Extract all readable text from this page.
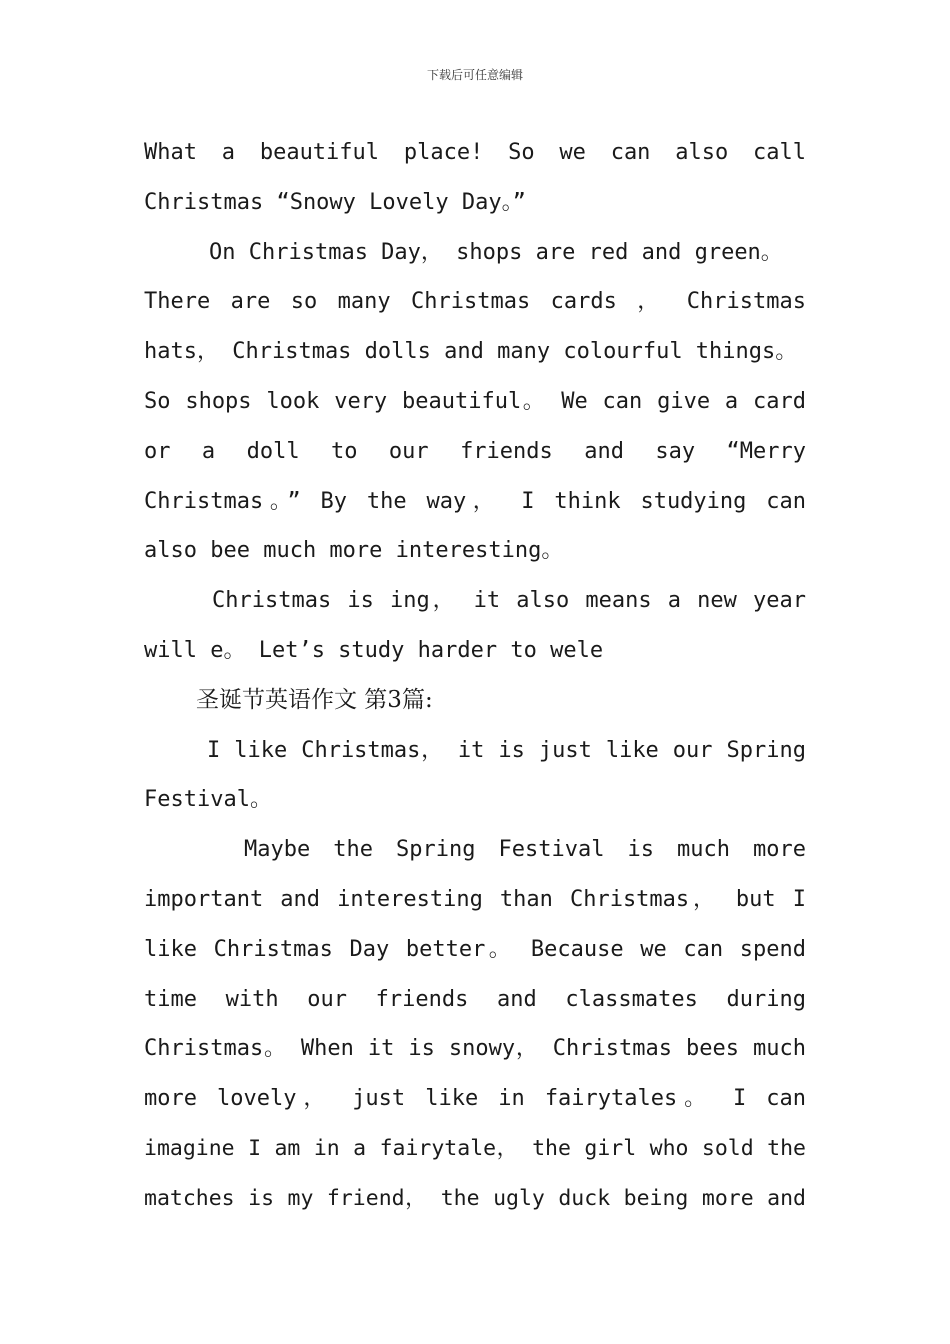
下载后可任意编辑
What a beautiful place! So we can also call
Christmas “Snowy Lovely Day。”
On Christmas Day， shops are red and green。
There are so many Christmas cards ， Christmas
hats， Christmas dolls and many colourful things。
So shops look very beautiful。 We can give a card
or a doll to our friends and say “Merry
Christmas。” By the way， I think studying can
also bee much more interesting。
Christmas is ing， it also means a new year
will e。 Let’s study harder to wele
圣诞节英语作文 第3篇:
I like Christmas， it is just like our Spring
Festival。
Maybe the Spring Festival is much more
important and interesting than Christmas， but I
like Christmas Day better。 Because we can spend
time with our friends and classmates during
Christmas。 When it is snowy， Christmas bees much
more lovely， just like in fairytales。 I can
imagine I am in a fairytale， the girl who sold the
matches is my friend， the ugly duck being more and
